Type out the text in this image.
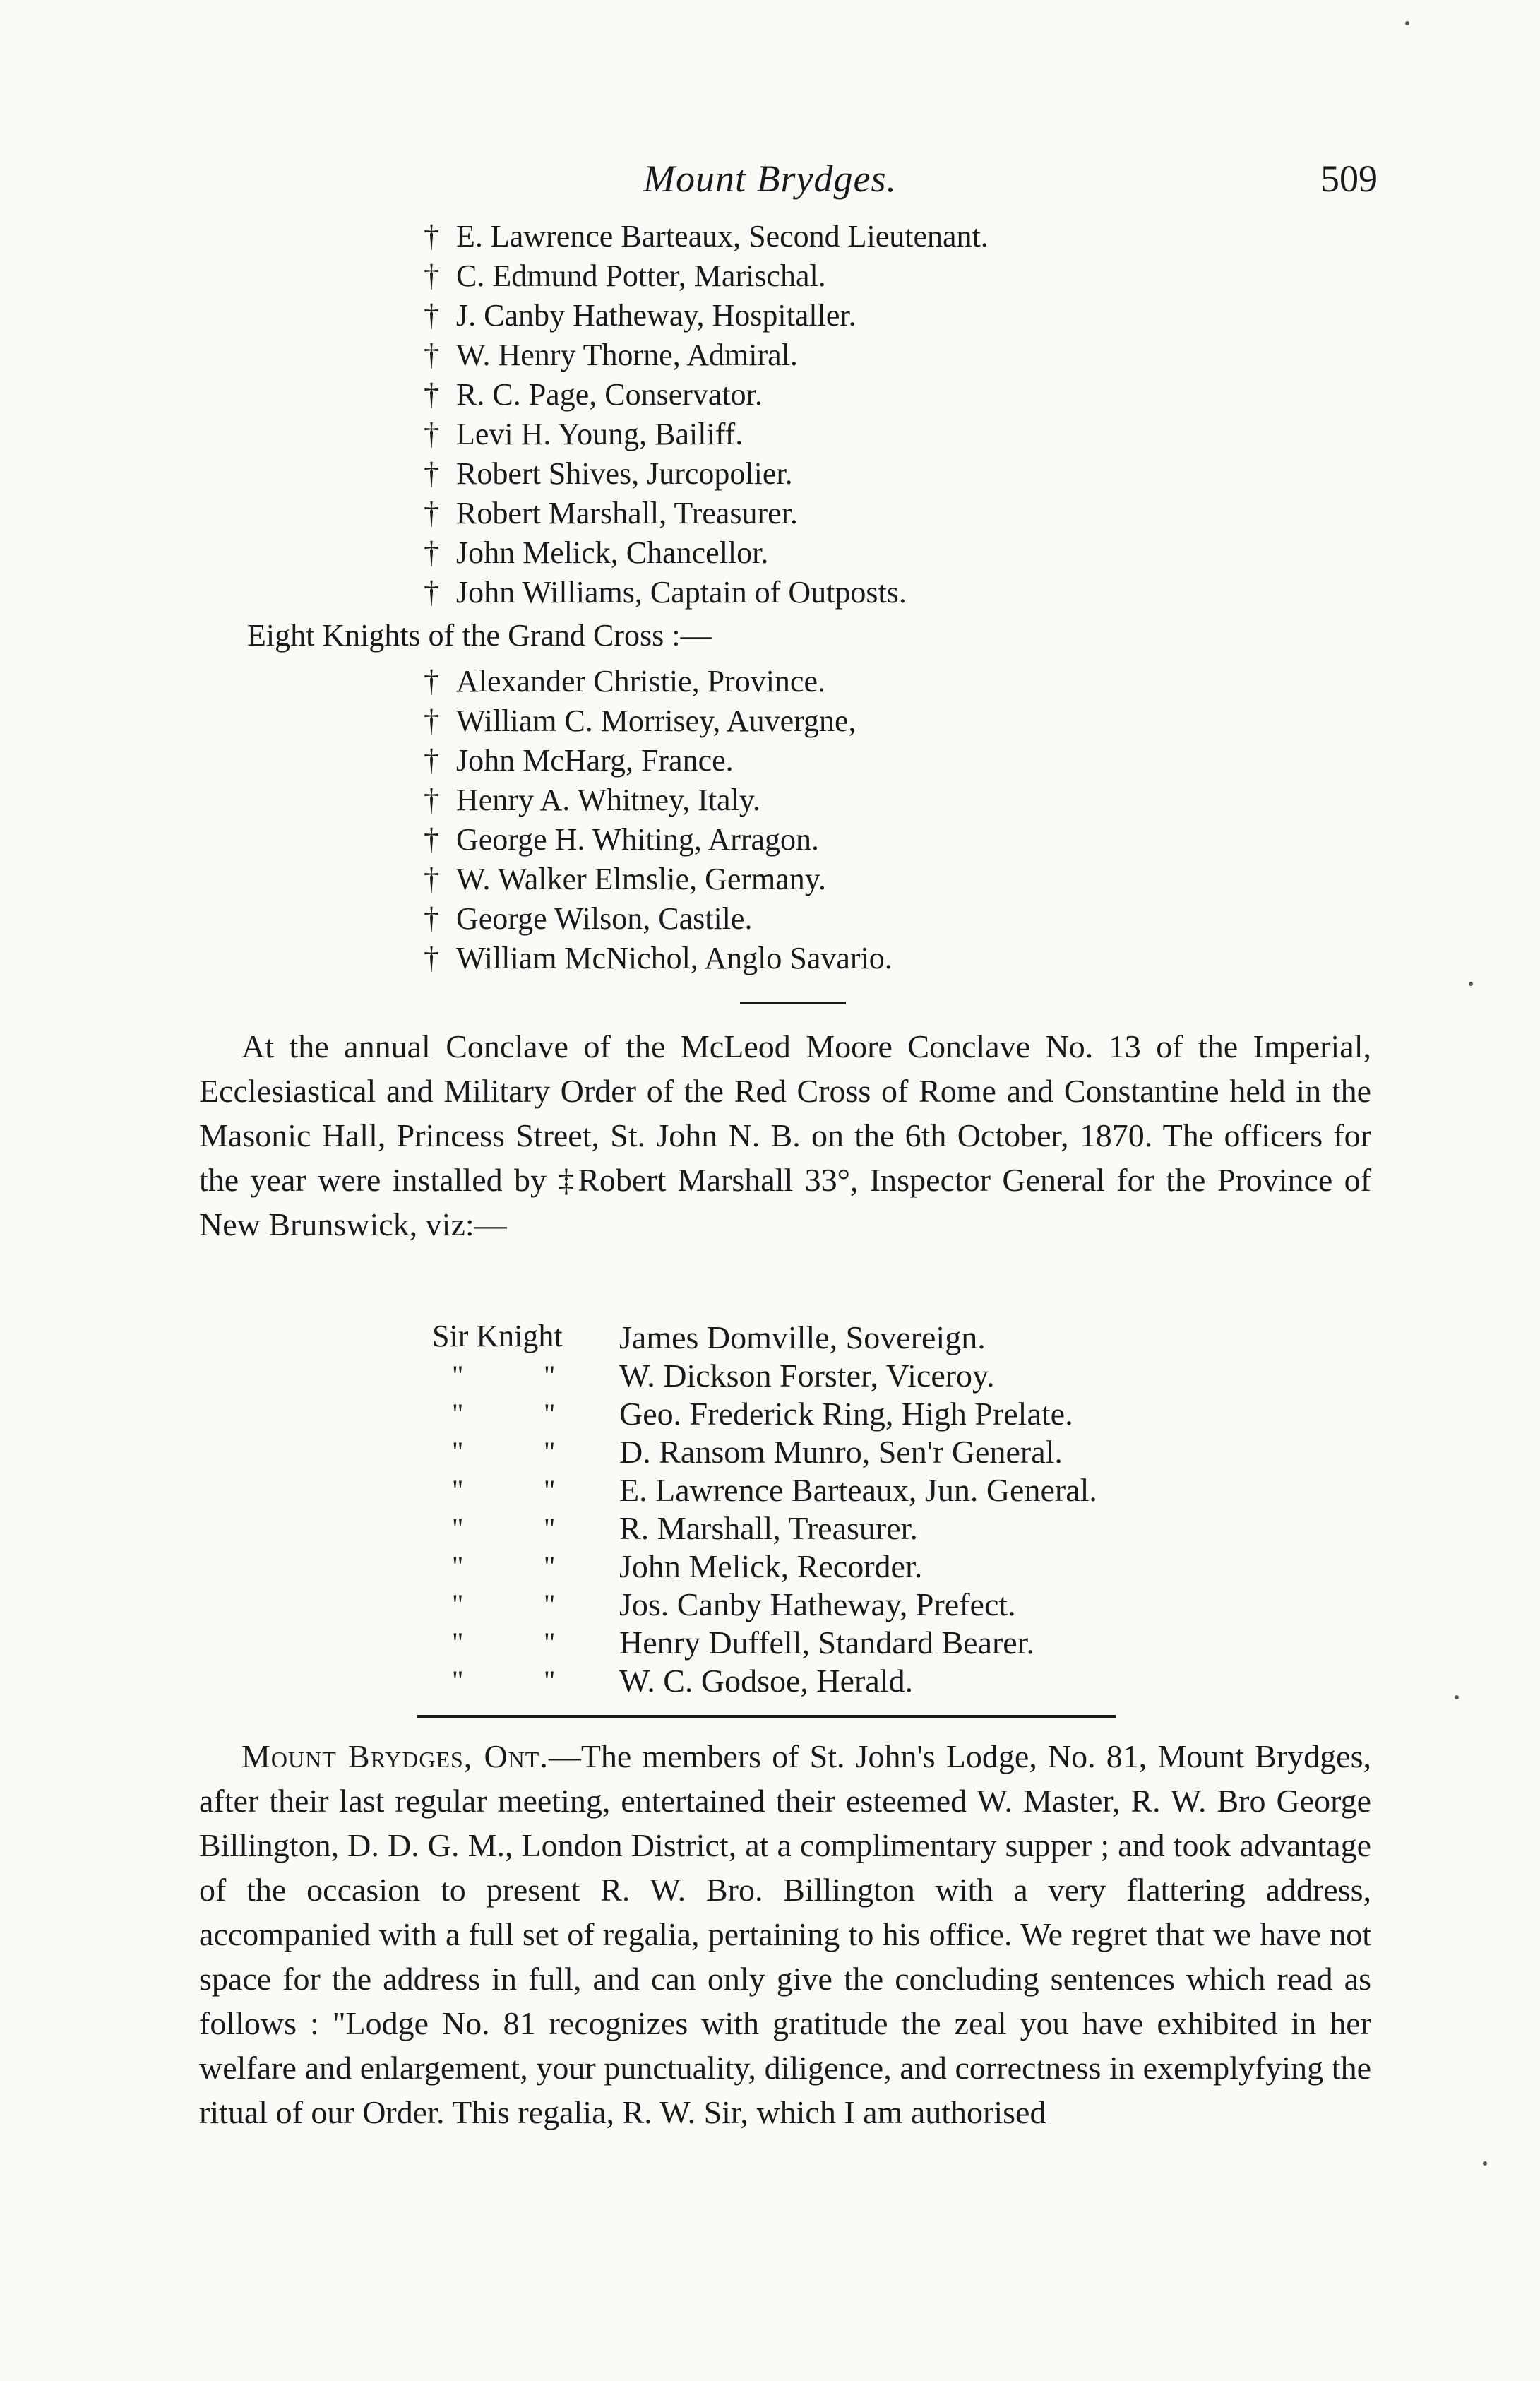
Mount Brydges.	509
† E. Lawrence Barteaux, Second Lieutenant.
† C. Edmund Potter, Marischal.
† J. Canby Hatheway, Hospitaller.
† W. Henry Thorne, Admiral.
† R. C. Page, Conservator.
† Levi H. Young, Bailiff.
† Robert Shives, Jurcopolier.
† Robert Marshall, Treasurer.
† John Melick, Chancellor.
† John Williams, Captain of Outposts.
Eight Knights of the Grand Cross :—
† Alexander Christie, Province.
† William C. Morrisey, Auvergne,
† John McHarg, France.
† Henry A. Whitney, Italy.
† George H. Whiting, Arragon.
† W. Walker Elmslie, Germany.
† George Wilson, Castile.
† William McNichol, Anglo Savario.

At the annual Conclave of the McLeod Moore Conclave No. 13 of the Imperial, Ecclesiastical and Military Order of the Red Cross of Rome and Constantine held in the Masonic Hall, Princess Street, St. John N. B. on the 6th October, 1870. The officers for the year were installed by ‡Robert Marshall 33°, Inspector General for the Province of New Brunswick, viz:—

Sir Knight James Domville, Sovereign.
"	" W. Dickson Forster, Viceroy.
"	" Geo. Frederick Ring, High Prelate.
"	" D. Ransom Munro, Sen'r General.
"	" E. Lawrence Barteaux, Jun. General.
"	" R. Marshall, Treasurer.
"	" John Melick, Recorder.
"	" Jos. Canby Hatheway, Prefect.
"	" Henry Duffell, Standard Bearer.
"	" W. C. Godsoe, Herald.

Mount Brydges, Ont.—The members of St. John's Lodge, No. 81, Mount Brydges, after their last regular meeting, entertained their esteemed W. Master, R. W. Bro George Billington, D. D. G. M., London District, at a complimentary supper ; and took advantage of the occasion to present R. W. Bro. Billington with a very flattering address, accompanied with a full set of regalia, pertaining to his office. We regret that we have not space for the address in full, and can only give the concluding sentences which read as follows : "Lodge No. 81 recognizes with gratitude the zeal you have exhibited in her welfare and enlargement, your punctuality, diligence, and correctness in exemplyfying the ritual of our Order. This regalia, R. W. Sir, which I am authorised
